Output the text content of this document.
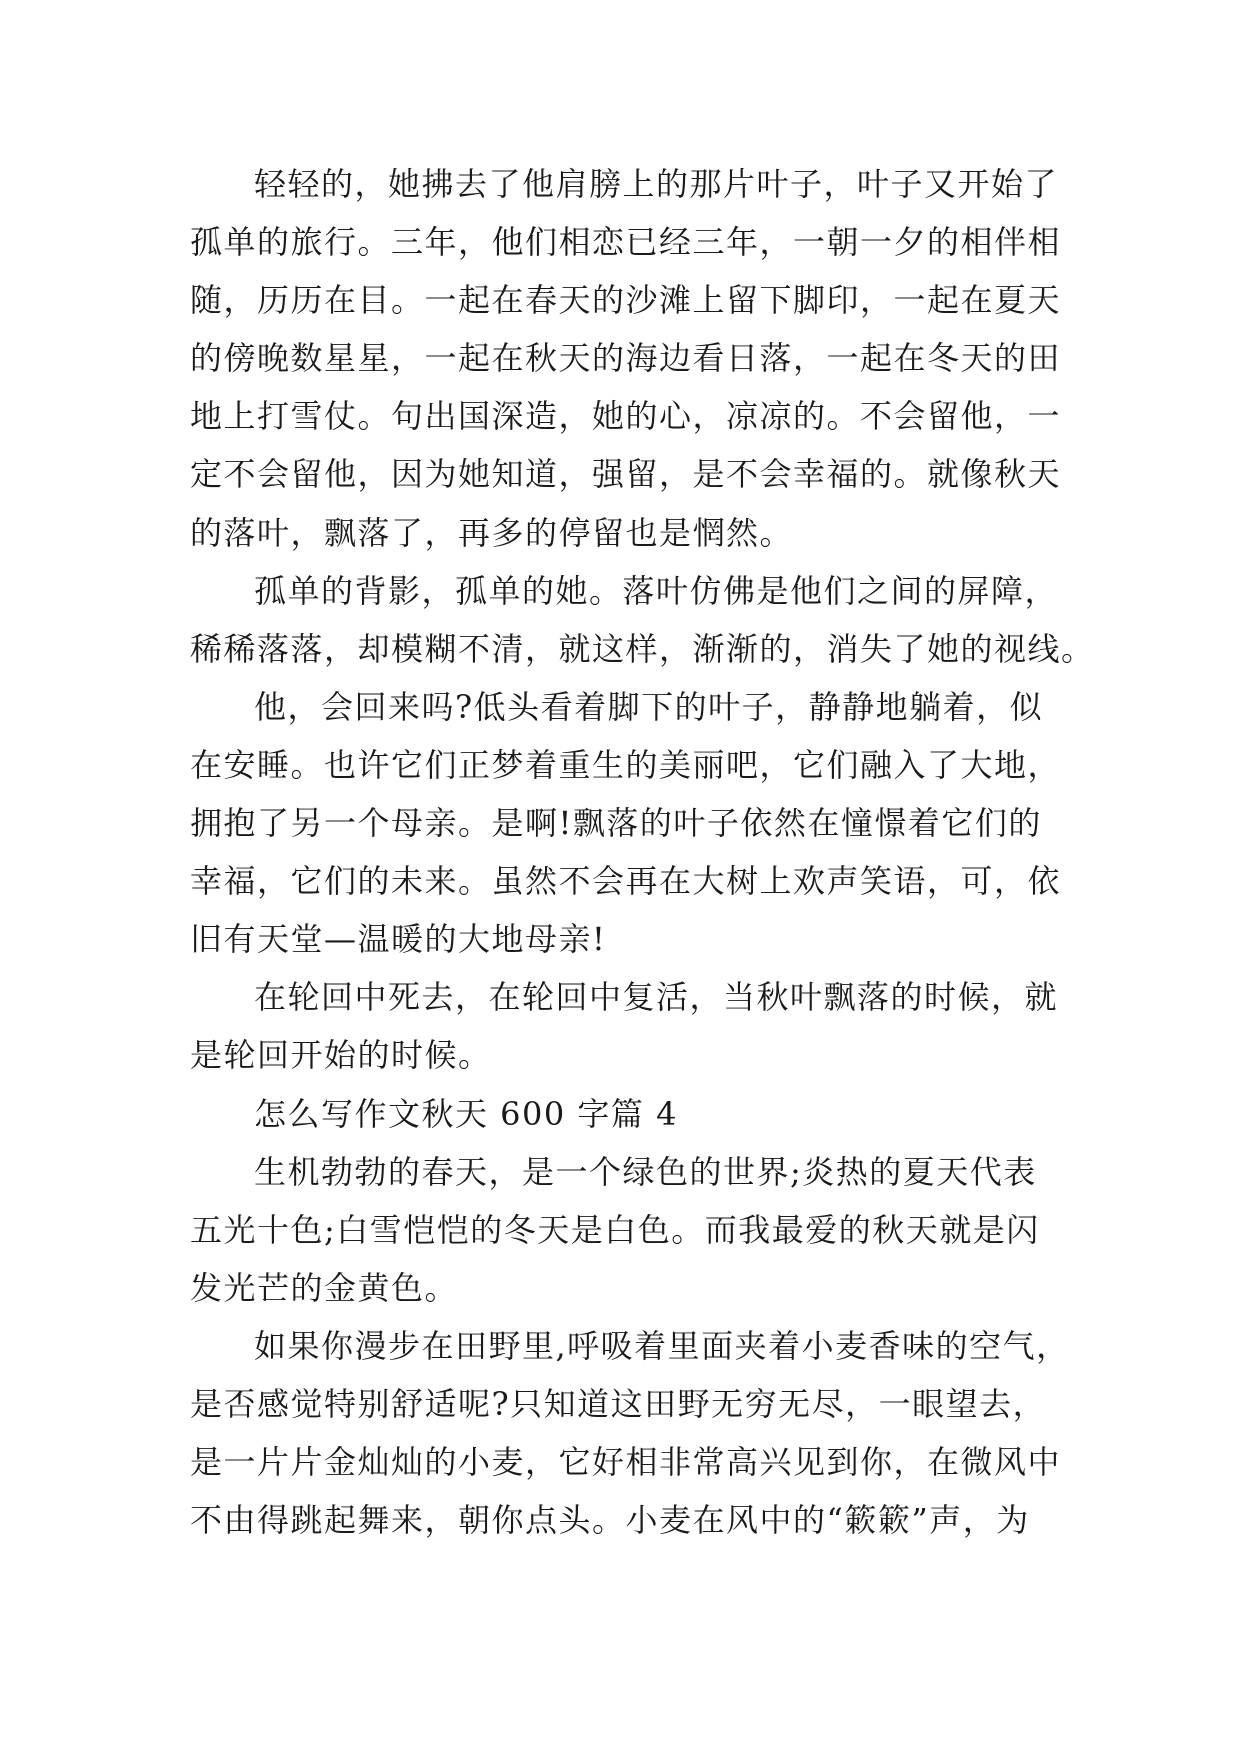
轻轻的，她拂去了他肩膀上的那片叶子，叶子又开始了
孤单的旅行。三年，他们相恋已经三年，一朝一夕的相伴相
随，历历在目。一起在春天的沙滩上留下脚印，一起在夏天
的傍晚数星星，一起在秋天的海边看日落，一起在冬天的田
地上打雪仗。句出国深造，她的心，凉凉的。不会留他，一
定不会留他，因为她知道，强留，是不会幸福的。就像秋天
的落叶，飘落了，再多的停留也是惘然。
孤单的背影，孤单的她。落叶仿佛是他们之间的屏障，
稀稀落落，却模糊不清，就这样，渐渐的，消失了她的视线。
他，会回来吗?低头看着脚下的叶子，静静地躺着，似
在安睡。也许它们正梦着重生的美丽吧，它们融入了大地，
拥抱了另一个母亲。是啊!飘落的叶子依然在憧憬着它们的
幸福，它们的未来。虽然不会再在大树上欢声笑语，可，依
旧有天堂—温暖的大地母亲!
在轮回中死去，在轮回中复活，当秋叶飘落的时候，就
是轮回开始的时候。
怎么写作文秋天 600 字篇 4
生机勃勃的春天，是一个绿色的世界;炎热的夏天代表
五光十色;白雪恺恺的冬天是白色。而我最爱的秋天就是闪
发光芒的金黄色。
如果你漫步在田野里,呼吸着里面夹着小麦香味的空气，
是否感觉特别舒适呢?只知道这田野无穷无尽，一眼望去，
是一片片金灿灿的小麦，它好相非常高兴见到你，在微风中
不由得跳起舞来，朝你点头。小麦在风中的“簌簌”声，为
